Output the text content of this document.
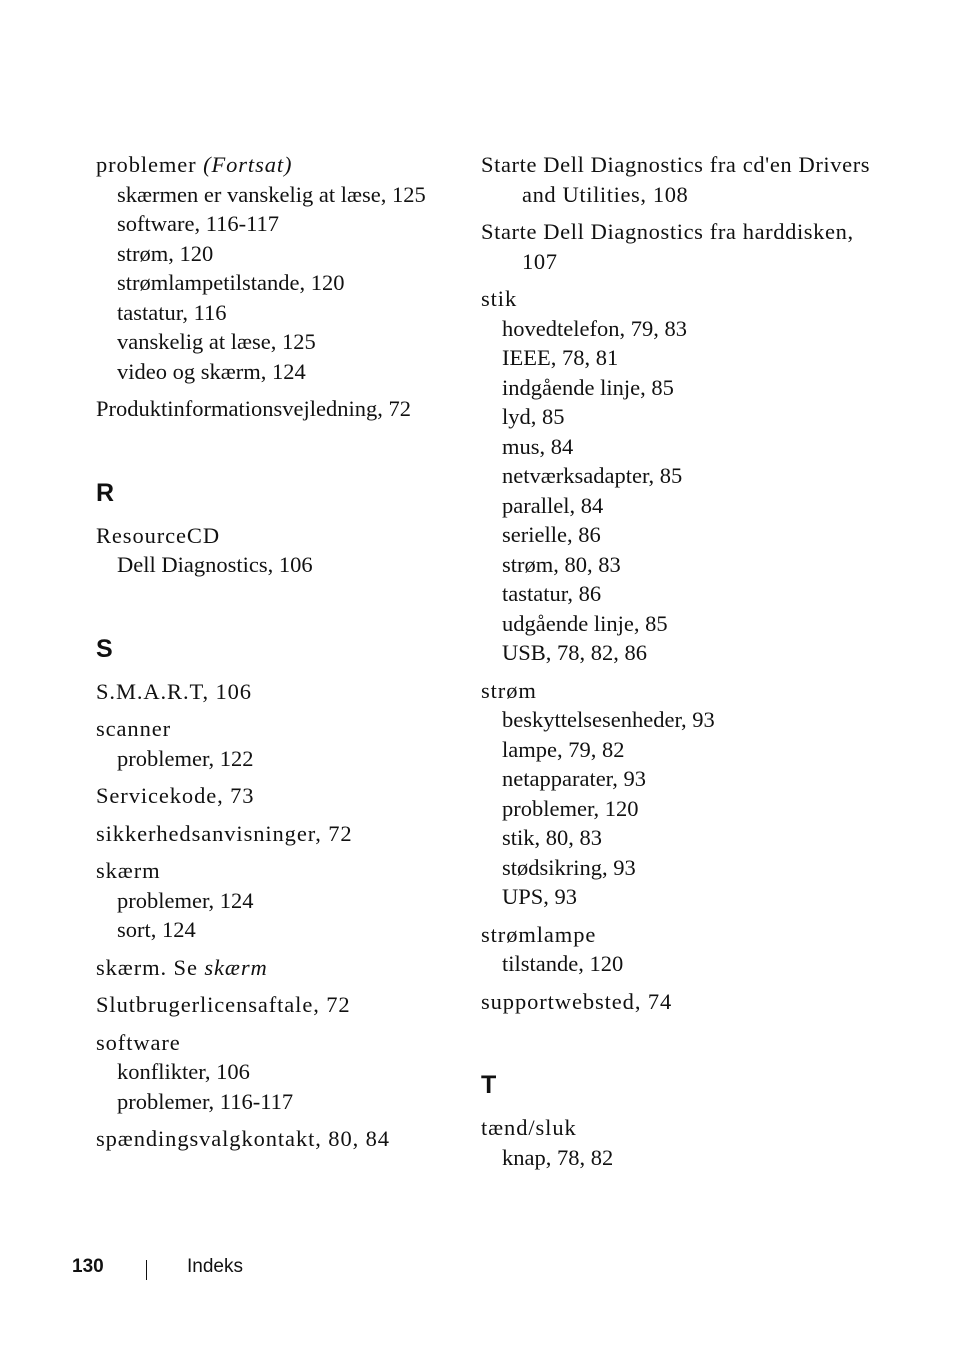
problemer (Fortsat)
skærmen er vanskelig at læse, 125
software, 116-117
strøm, 120
strømlampetilstande, 120
tastatur, 116
vanskelig at læse, 125
video og skærm, 124
Produktinformationsvejledning, 72
R
ResourceCD
Dell Diagnostics, 106
S
S.M.A.R.T, 106
scanner
problemer, 122
Servicekode, 73
sikkerhedsanvisninger, 72
skærm
problemer, 124
sort, 124
skærm. Se skærm
Slutbrugerlicensaftale, 72
software
konflikter, 106
problemer, 116-117
spændingsvalgkontakt, 80, 84
Starte Dell Diagnostics fra cd'en Drivers and Utilities, 108
Starte Dell Diagnostics fra harddisken, 107
stik
hovedtelefon, 79, 83
IEEE, 78, 81
indgående linje, 85
lyd, 85
mus, 84
netværksadapter, 85
parallel, 84
serielle, 86
strøm, 80, 83
tastatur, 86
udgående linje, 85
USB, 78, 82, 86
strøm
beskyttelsesenheder, 93
lampe, 79, 82
netapparater, 93
problemer, 120
stik, 80, 83
stødsikring, 93
UPS, 93
strømlampe
tilstande, 120
supportwebsted, 74
T
tænd/sluk
knap, 78, 82
130	Indeks
